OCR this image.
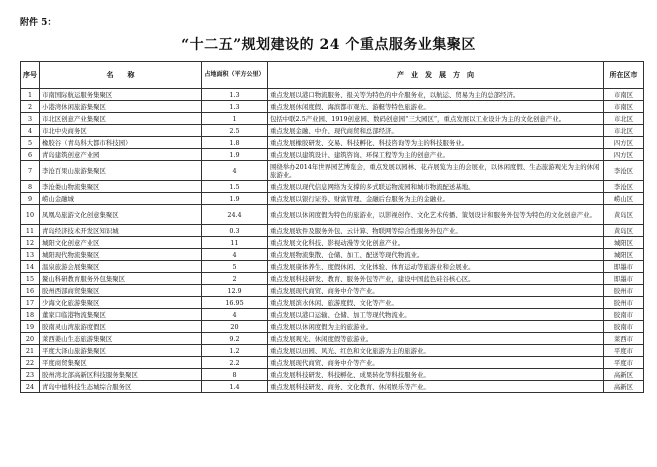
附件 5：
“十二五”规划建设的 24 个重点服务业集聚区
序号	名　　称	占地面积（平方公里）	产　业　发　展　方　向	所在区市
1	市南国际航运服务集聚区	1.3	重点发展以港口物流服务、报关等为特色的中介服务业，以航运、贸易为主的总部经济。	市南区
2	小港湾休闲旅游集聚区	1.3	重点发展休闲度假、海滨都市观光、游艇等特色旅游业。	市南区
3	市北区创意产业集聚区	1	包括中联2.5产业园、1919创意园、数码创意园“三大园区”，重点发展以工业设计为主的文化创意产业。	市北区
4	市北中央商务区	2.5	重点发展金融、中介、现代商贸和总部经济。	市北区
5	橡胶谷（青岛科大都市科技园）	1.8	重点发展橡胶研发、交易、科技孵化、科技咨询等为主的科技服务业。	四方区
6	青岛建筑创意产业园	1.9	重点发展以建筑设计、建筑咨询、环保工程等为主的创意产业。	四方区
7	李沧百果山旅游集聚区	4	围绕举办2014年世界园艺博览会，重点发展以园林、花卉展览为主的会展业，以休闲度假、生态旅游观光为主的休闲旅游业。	李沧区
8	李沧娄山物流集聚区	1.5	重点发展以现代信息网络为支撑的多式联运物流园和城市物流配送基地。	李沧区
9	崂山金融城	1.9	重点发展以银行证券、财富管理、金融后台服务为主的金融业。	崂山区
10	凤凰岛旅游文化创意集聚区	24.4	重点发展以休闲度假为特色的旅游业，以影视创作、文化艺术传播、策划设计和服务外包等为特色的文化创意产业。	黄岛区
11	青岛经济技术开发区知识城	0.3	重点发展软件及服务外包、云计算、物联网等综合性服务外包产业。	黄岛区
12	城阳文化创意产业区	11	重点发展文化科技、影视动漫等文化创意产业。	城阳区
13	城阳现代物流集聚区	4	重点发展物流集散、仓储、加工、配送等现代物流业。	城阳区
14	温泉旅游会展集聚区	5	重点发展康体养生、度假休闲、文化体验、体育运动等旅游业和会展业。	即墨市
15	鳌山科研教育服务外包集聚区	2	重点发展科技研发、教育、服务外包等产业，建设中国蓝色硅谷核心区。	即墨市
16	胶州西部商贸集聚区	12.9	重点发展现代商贸、商务中介等产业。	胶州市
17	少海文化旅游集聚区	16.95	重点发展滨水休闲、旅游度假、文化等产业。	胶州市
18	董家口临港物流集聚区	4	重点发展以港口运输、仓储、加工等现代物流业。	胶南市
19	胶南灵山湾旅游度假区	20	重点发展以休闲度假为主的旅游业。	胶南市
20	莱西姜山生态旅游集聚区	9.2	重点发展观光、休闲度假等旅游业。	莱西市
21	平度大泽山旅游集聚区	1.2	重点发展以田园、风光、红色和文化旅游为主的旅游业。	平度市
22	平度商贸集聚区	2.2	重点发展现代商贸、商务中介等产业。	平度市
23	胶州湾北部高新区科技服务集聚区	8	重点发展科技研发、科技孵化、成果转化等科技服务业。	高新区
24	青岛中德科技生态城综合服务区	1.4	重点发展科技研发、商务、文化教育、休闲娱乐等产业。	高新区
